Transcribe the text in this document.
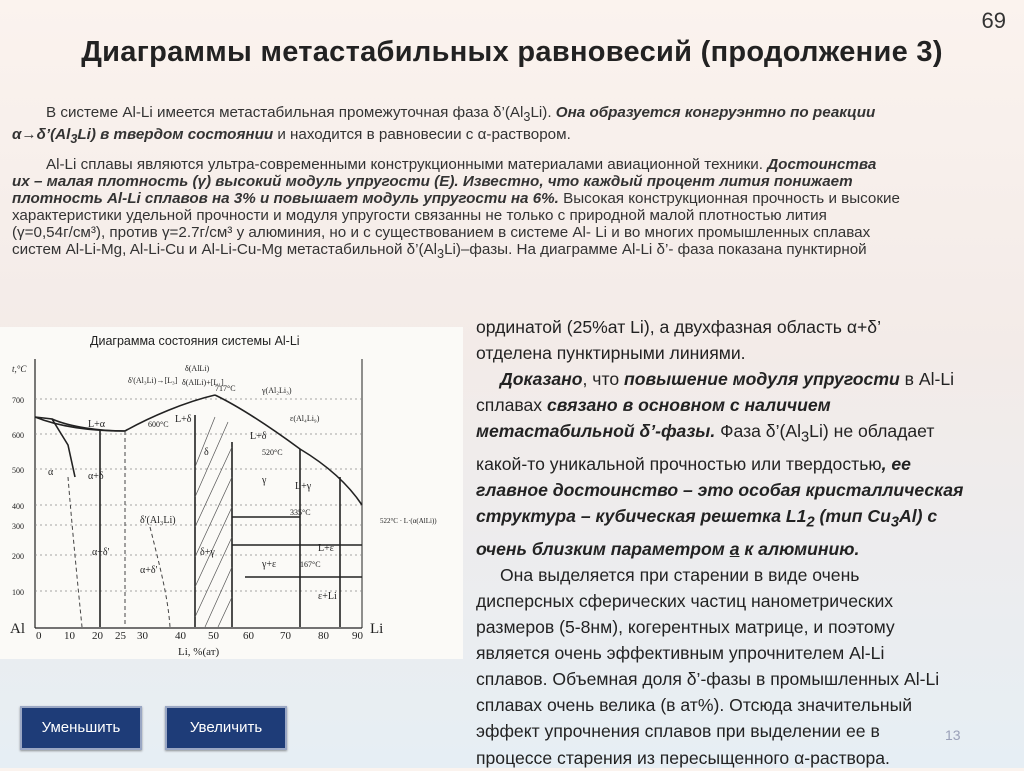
69
Диаграммы метастабильных равновесий (продолжение 3)
В системе Al-Li имеется метастабильная промежуточная фаза $\delta’(Al_3Li)$. Она образуется конгруэнтно по реакции
$\alpha\to\delta’(Al_3Li)$ в твердом состоянии и находится в равновесии с α-раствором.
Al-Li сплавы являются ультра-современными конструкционными материалами авиационной техники. Достоинства
их – малая плотность (γ) высокий модуль упругости (Е). Известно, что каждый процент лития понижает
плотность Al-Li сплавов на 3% и повышает модуль упругости на 6%. Высокая конструкционная прочность и высокие
характеристики удельной прочности и модуля упругости связанны не только с природной малой плотностью лития
(γ=0,54г/см³), против γ=2.7г/см³ у алюминия, но и с существованием в системе Al- Li и во многих промышленных сплавах
систем Al-Li-Mg, Al-Li-Cu и Al-Li-Cu-Mg метастабильной $\delta’(Al_3Li)$–фазы. На диаграмме Al-Li δ’- фаза показана пунктирной
Диаграмма состояния системы Al-Li
t,°С
700
600
500
400
300
200
100
0 10 20 25 30 40 50 60 70 80 90
Al	Li
Li, %(ат)
δ(AlLi)
δ'(Al₃Li)→[L₃] δ(AlLi)+[L₁]
γ(Al₂Li₃)
ε(Al₄Li₉)
717°C
600°C
520°C
335°C
167°C
522°C · L·(α(AlLi))
L+α	L+δ
α	α+δ
δ'(Al₃Li)
α+δ'
α+δ'
δ
L+δ
δ+γ
γ
L+γ
γ+ε
L+ε
ε+Li
ординатой (25%ат Li), а двухфазная область α+δ’
отделена пунктирными линиями.
Доказано, что повышение модуля упругости в Al-Li
сплавах связано в основном с наличием
метастабильной δ’-фазы. Фаза $\delta’(Al_3Li)$ не обладает
какой-то уникальной прочностью или твердостью, ее
главное достоинство – это особая кристаллическая
структура – кубическая решетка $L1_2$ (тип $Cu_3Al$) с
очень близким параметром а к алюминию.
Она выделяется при старении в виде очень
дисперсных сферических частиц нанометрических
размеров (5-8нм), когерентных матрице, и поэтому
является очень эффективным упрочнителем Al-Li
сплавов. Объемная доля δ’-фазы в промышленных Al-Li
сплавах очень велика (в ат%). Отсюда значительный
эффект упрочнения сплавов при выделении ее в
процессе старения из пересыщенного α-раствора.
13
Уменьшить	Увеличить
